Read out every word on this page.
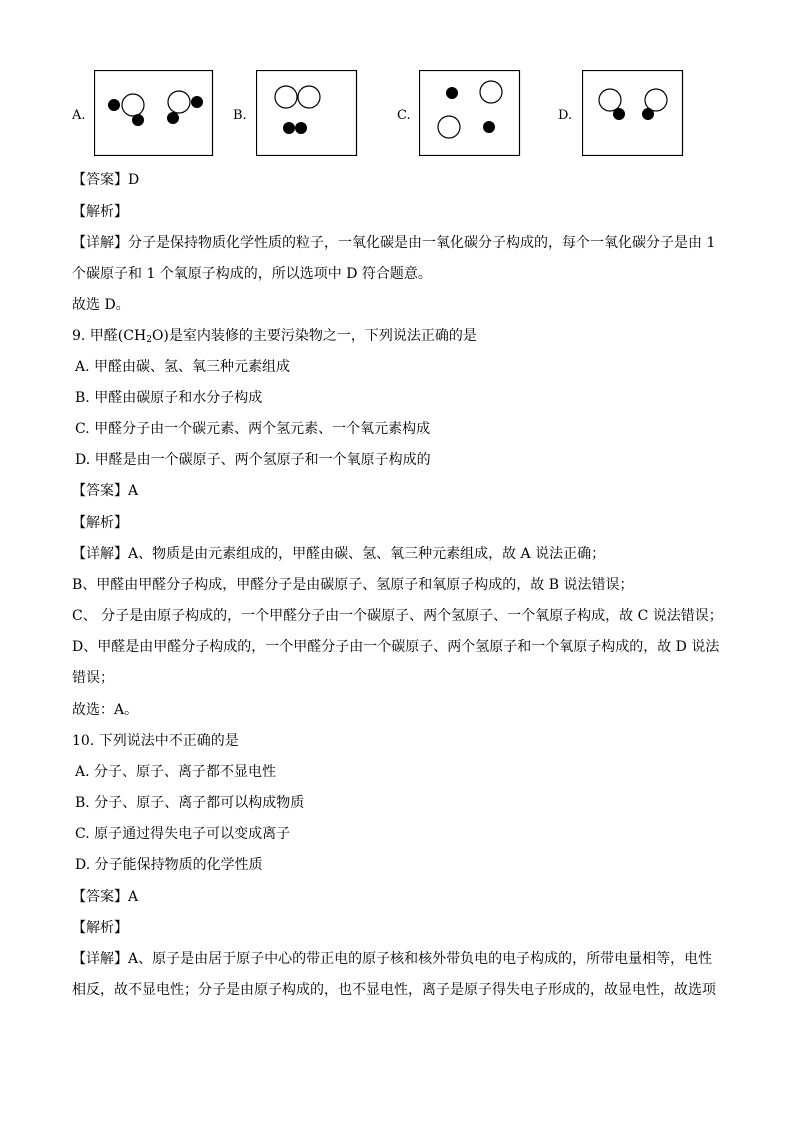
A.	B.	C.	D.
【答案】D
【解析】
【详解】分子是保持物质化学性质的粒子，一氧化碳是由一氧化碳分子构成的，每个一氧化碳分子是由 1
个碳原子和 1 个氧原子构成的，所以选项中 D 符合题意。
故选 D。
9. 甲醛$(CH_2O)$是室内装修的主要污染物之一，下列说法正确的是
A. 甲醛由碳、氢、氧三种元素组成
B. 甲醛由碳原子和水分子构成
C. 甲醛分子由一个碳元素、两个氢元素、一个氧元素构成
D. 甲醛是由一个碳原子、两个氢原子和一个氧原子构成的
【答案】A
【解析】
【详解】A、物质是由元素组成的，甲醛由碳、氢、氧三种元素组成，故 A 说法正确；
B、甲醛由甲醛分子构成，甲醛分子是由碳原子、氢原子和氧原子构成的，故 B 说法错误；
C、 分子是由原子构成的，一个甲醛分子由一个碳原子、两个氢原子、一个氧原子构成，故 C 说法错误；
D、甲醛是由甲醛分子构成的，一个甲醛分子由一个碳原子、两个氢原子和一个氧原子构成的，故 D 说法
错误；
故选：A。
10. 下列说法中不正确的是
A. 分子、原子、离子都不显电性
B. 分子、原子、离子都可以构成物质
C. 原子通过得失电子可以变成离子
D. 分子能保持物质的化学性质
【答案】A
【解析】
【详解】A、原子是由居于原子中心的带正电的原子核和核外带负电的电子构成的，所带电量相等，电性
相反，故不显电性；分子是由原子构成的，也不显电性，离子是原子得失电子形成的，故显电性，故选项
